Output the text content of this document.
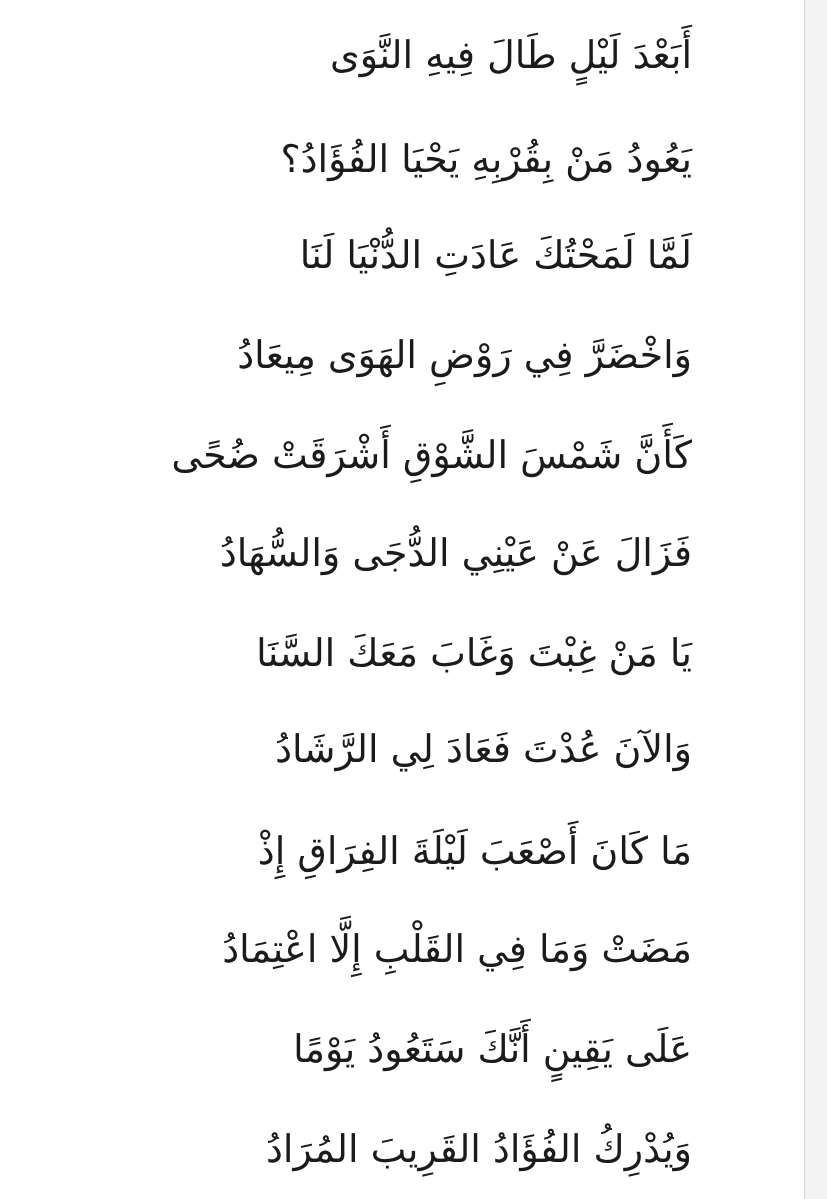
أَبَعْدَ لَيْلٍ طَالَ فِيهِ النَّوَى
يَعُودُ مَنْ بِقُرْبِهِ يَحْيَا الفُؤَادُ؟
لَمَّا لَمَحْتُكَ عَادَتِ الدُّنْيَا لَنَا
وَاخْضَرَّ فِي رَوْضِ الهَوَى مِيعَادُ
كَأَنَّ شَمْسَ الشَّوْقِ أَشْرَقَتْ ضُحًى
فَزَالَ عَنْ عَيْنِي الدُّجَى وَالسُّهَادُ
يَا مَنْ غِبْتَ وَغَابَ مَعَكَ السَّنَا
وَالآنَ عُدْتَ فَعَادَ لِي الرَّشَادُ
مَا كَانَ أَصْعَبَ لَيْلَةَ الفِرَاقِ إِذْ
مَضَتْ وَمَا فِي القَلْبِ إِلَّا اعْتِمَادُ
عَلَى يَقِينٍ أَنَّكَ سَتَعُودُ يَوْمًا
وَيُدْرِكُ الفُؤَادُ القَرِيبَ المُرَادُ
